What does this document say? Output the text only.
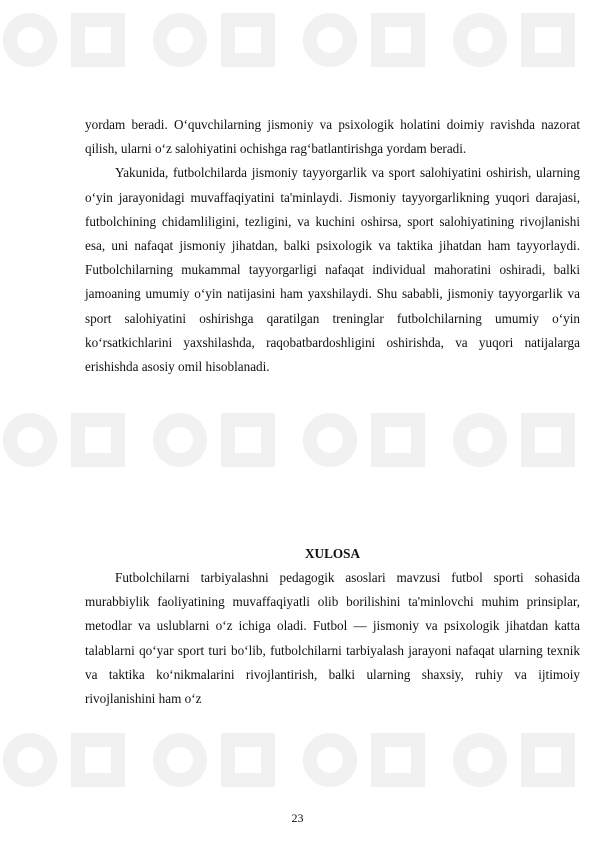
yordam beradi. O‘quvchilarning jismoniy va psixologik holatini doimiy ravishda nazorat qilish, ularni o‘z salohiyatini ochishga rag‘batlantirishga yordam beradi.

Yakunida, futbolchilarda jismoniy tayyorgarlik va sport salohiyatini oshirish, ularning o‘yin jarayonidagi muvaffaqiyatini ta'minlaydi. Jismoniy tayyorgarlikning yuqori darajasi, futbolchining chidamliligini, tezligini, va kuchini oshirsa, sport salohiyatining rivojlanishi esa, uni nafaqat jismoniy jihatdan, balki psixologik va taktika jihatdan ham tayyorlaydi. Futbolchilarning mukammal tayyorgarligi nafaqat individual mahoratini oshiradi, balki jamoaning umumiy o‘yin natijasini ham yaxshilaydi. Shu sababli, jismoniy tayyorgarlik va sport salohiyatini oshirishga qaratilgan treninglar futbolchilarning umumiy o‘yin ko‘rsatkichlarini yaxshilashda, raqobatbardoshligini oshirishda, va yuqori natijalarga erishishda asosiy omil hisoblanadi.

XULOSA

Futbolchilarni tarbiyalashni pedagogik asoslari mavzusi futbol sporti sohasida murabbiylik faoliyatining muvaffaqiyatli olib borilishini ta'minlovchi muhim prinsiplar, metodlar va uslublarni o‘z ichiga oladi. Futbol — jismoniy va psixologik jihatdan katta talablarni qo‘yar sport turi bo‘lib, futbolchilarni tarbiyalash jarayoni nafaqat ularning texnik va taktika ko‘nikmalarini rivojlantirish, balki ularning shaxsiy, ruhiy va ijtimoiy rivojlanishini ham o‘z

23
